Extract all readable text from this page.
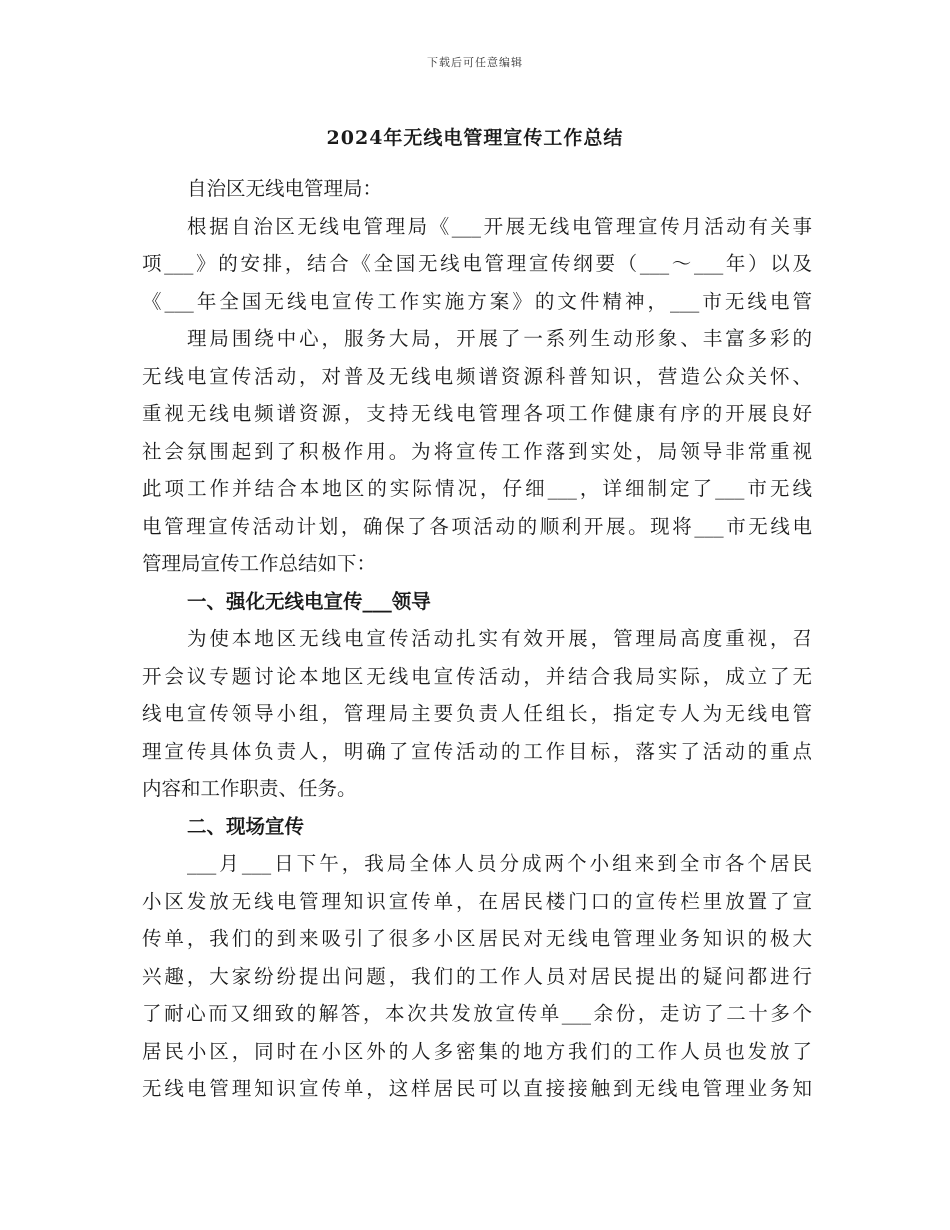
下载后可任意编辑
2024年无线电管理宣传工作总结
自治区无线电管理局：
根据自治区无线电管理局《___开展无线电管理宣传月活动有关事
项___》的安排，结合《全国无线电管理宣传纲要（___～___年）以及
《___年全国无线电宣传工作实施方案》的文件精神，___市无线电管
理局围绕中心，服务大局，开展了一系列生动形象、丰富多彩的
无线电宣传活动，对普及无线电频谱资源科普知识，营造公众关怀、
重视无线电频谱资源，支持无线电管理各项工作健康有序的开展良好
社会氛围起到了积极作用。为将宣传工作落到实处，局领导非常重视
此项工作并结合本地区的实际情况，仔细___，详细制定了___市无线
电管理宣传活动计划，确保了各项活动的顺利开展。现将___市无线电
管理局宣传工作总结如下：
一、强化无线电宣传___领导
为使本地区无线电宣传活动扎实有效开展，管理局高度重视，召
开会议专题讨论本地区无线电宣传活动，并结合我局实际，成立了无
线电宣传领导小组，管理局主要负责人任组长，指定专人为无线电管
理宣传具体负责人，明确了宣传活动的工作目标，落实了活动的重点
内容和工作职责、任务。
二、现场宣传
___月___日下午，我局全体人员分成两个小组来到全市各个居民
小区发放无线电管理知识宣传单，在居民楼门口的宣传栏里放置了宣
传单，我们的到来吸引了很多小区居民对无线电管理业务知识的极大
兴趣，大家纷纷提出问题，我们的工作人员对居民提出的疑问都进行
了耐心而又细致的解答，本次共发放宣传单___余份，走访了二十多个
居民小区，同时在小区外的人多密集的地方我们的工作人员也发放了
无线电管理知识宣传单，这样居民可以直接接触到无线电管理业务知
